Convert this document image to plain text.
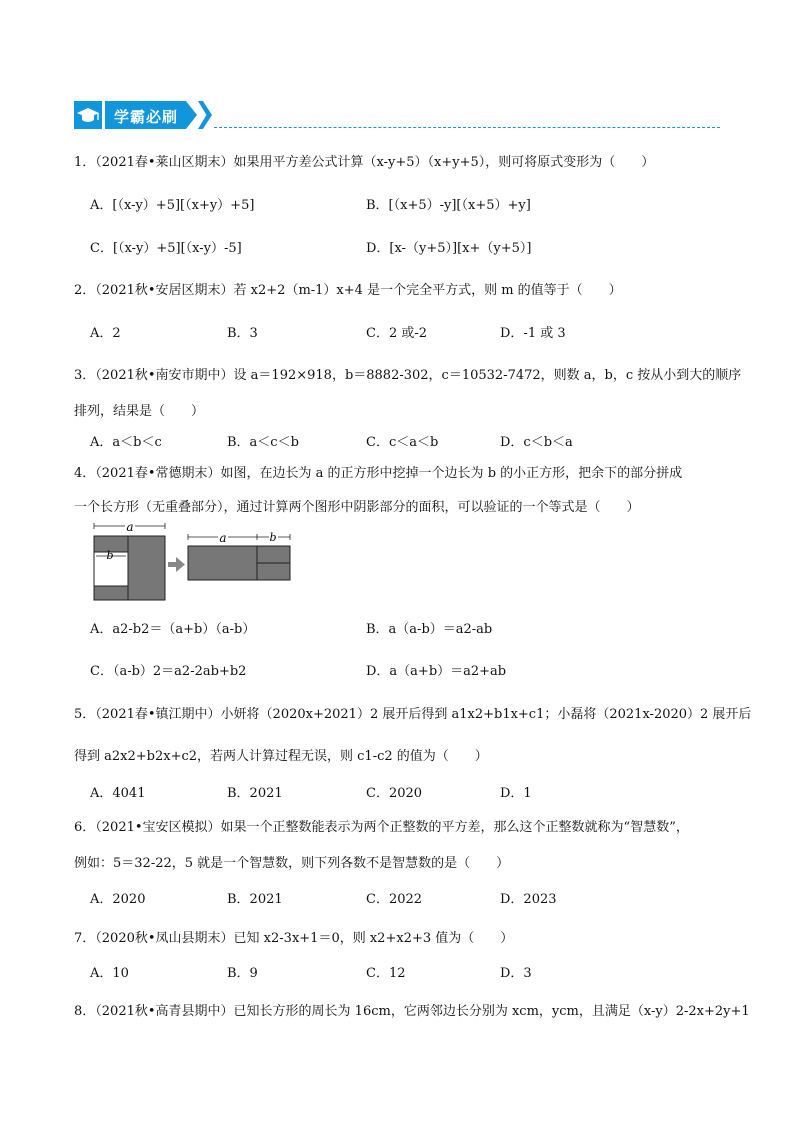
学霸必刷
1．（2021春•莱山区期末）如果用平方差公式计算（x-y+5）（x+y+5），则可将原式变形为（　　）
A．[（x-y）+5][（x+y）+5]	B．[（x+5）-y][（x+5）+y]
C．[（x-y）+5][（x-y）-5]	D．[x-（y+5）][x+（y+5）]
2．（2021秋•安居区期末）若 x2+2（m-1）x+4 是一个完全平方式，则 m 的值等于（　　）
A．2	B．3	C．2 或-2	D．-1 或 3
3．（2021秋•南安市期中）设 a＝192×918，b＝8882-302，c＝10532-7472，则数 a，b，c 按从小到大的顺序
排列，结果是（　　）
A．a＜b＜c	B．a＜c＜b	C．c＜a＜b	D．c＜b＜a
4．（2021春•常德期末）如图，在边长为 a 的正方形中挖掉一个边长为 b 的小正方形，把余下的部分拼成
一个长方形（无重叠部分），通过计算两个图形中阴影部分的面积，可以验证的一个等式是（　　）
a
b
a	b
A．a2-b2＝（a+b）（a-b）	B．a（a-b）＝a2-ab
C．（a-b）2＝a2-2ab+b2	D．a（a+b）＝a2+ab
5．（2021春•镇江期中）小妍将（2020x+2021）2 展开后得到 a1x2+b1x+c1；小磊将（2021x-2020）2 展开后
得到 a2x2+b2x+c2，若两人计算过程无误，则 c1-c2 的值为（　　）
A．4041	B．2021	C．2020	D．1
6．（2021•宝安区模拟）如果一个正整数能表示为两个正整数的平方差，那么这个正整数就称为“智慧数”，
例如：5＝32-22，5 就是一个智慧数，则下列各数不是智慧数的是（　　）
A．2020	B．2021	C．2022	D．2023
7．（2020秋•凤山县期末）已知 x2-3x+1＝0，则 x2+x2+3 值为（　　）
A．10	B．9	C．12	D．3
8．（2021秋•高青县期中）已知长方形的周长为 16cm，它两邻边长分别为 xcm，ycm，且满足（x-y）2-2x+2y+1
